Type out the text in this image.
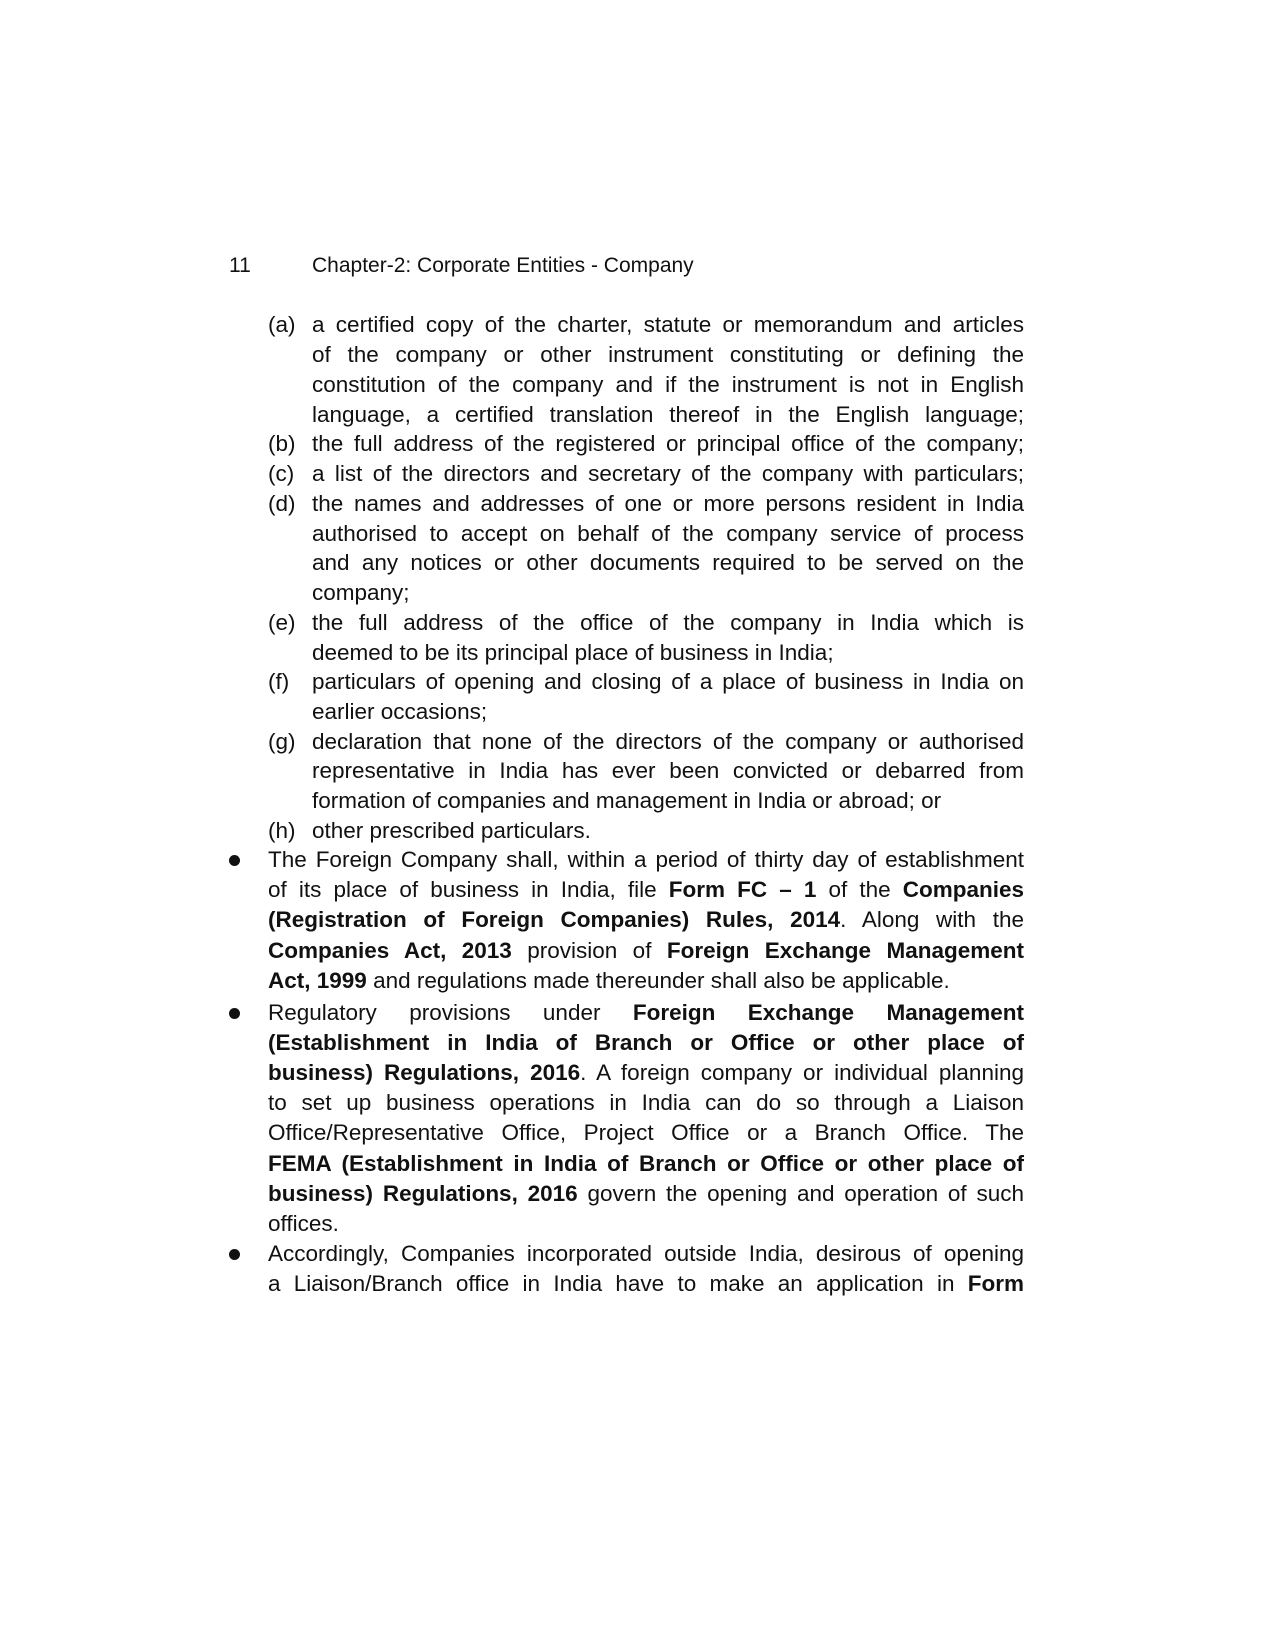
11	Chapter-2: Corporate Entities - Company
(a) a certified copy of the charter, statute or memorandum and articles
of the company or other instrument constituting or defining the
constitution of the company and if the instrument is not in English
language, a certified translation thereof in the English language;
(b) the full address of the registered or principal office of the company;
(c) a list of the directors and secretary of the company with particulars;
(d) the names and addresses of one or more persons resident in India
authorised to accept on behalf of the company service of process
and any notices or other documents required to be served on the
company;
(e) the full address of the office of the company in India which is
deemed to be its principal place of business in India;
(f) particulars of opening and closing of a place of business in India on
earlier occasions;
(g) declaration that none of the directors of the company or authorised
representative in India has ever been convicted or debarred from
formation of companies and management in India or abroad; or
(h) other prescribed particulars.
The Foreign Company shall, within a period of thirty day of establishment
of its place of business in India, file Form FC – 1 of the Companies
(Registration of Foreign Companies) Rules, 2014. Along with the
Companies Act, 2013 provision of Foreign Exchange Management
Act, 1999 and regulations made thereunder shall also be applicable.
Regulatory provisions under Foreign Exchange Management
(Establishment in India of Branch or Office or other place of
business) Regulations, 2016. A foreign company or individual planning
to set up business operations in India can do so through a Liaison
Office/Representative Office, Project Office or a Branch Office. The
FEMA (Establishment in India of Branch or Office or other place of
business) Regulations, 2016 govern the opening and operation of such
offices.
Accordingly, Companies incorporated outside India, desirous of opening
a Liaison/Branch office in India have to make an application in Form
